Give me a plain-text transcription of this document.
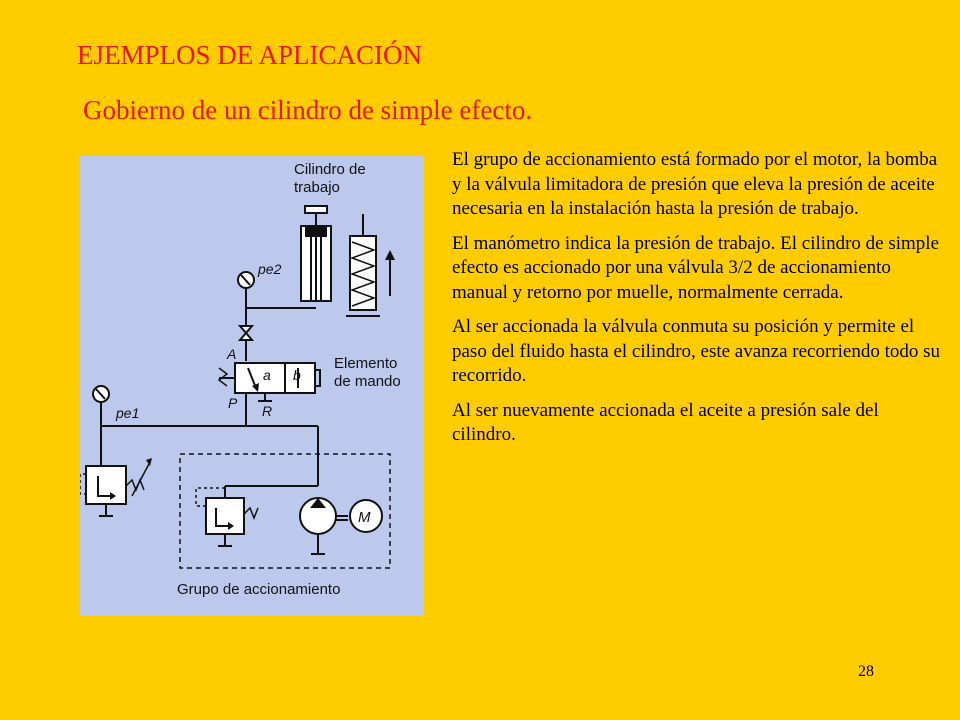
EJEMPLOS DE APLICACIÓN
Gobierno de un cilindro de simple efecto.
Cilindro de
trabajo
pe2
A
a b
Elemento
de mando
P R
pe1
M
Grupo de accionamiento

El grupo de accionamiento está formado por el motor, la bomba y la válvula limitadora de presión que eleva la presión de aceite necesaria en la instalación hasta la presión de trabajo.

El manómetro indica la presión de trabajo. El cilindro de simple efecto es accionado por una válvula 3/2 de accionamiento manual y retorno por muelle, normalmente cerrada.

Al ser accionada la válvula conmuta su posición y permite el paso del fluido hasta el cilindro, este avanza recorriendo todo su recorrido.

Al ser nuevamente accionada el aceite a presión sale del cilindro.

28
